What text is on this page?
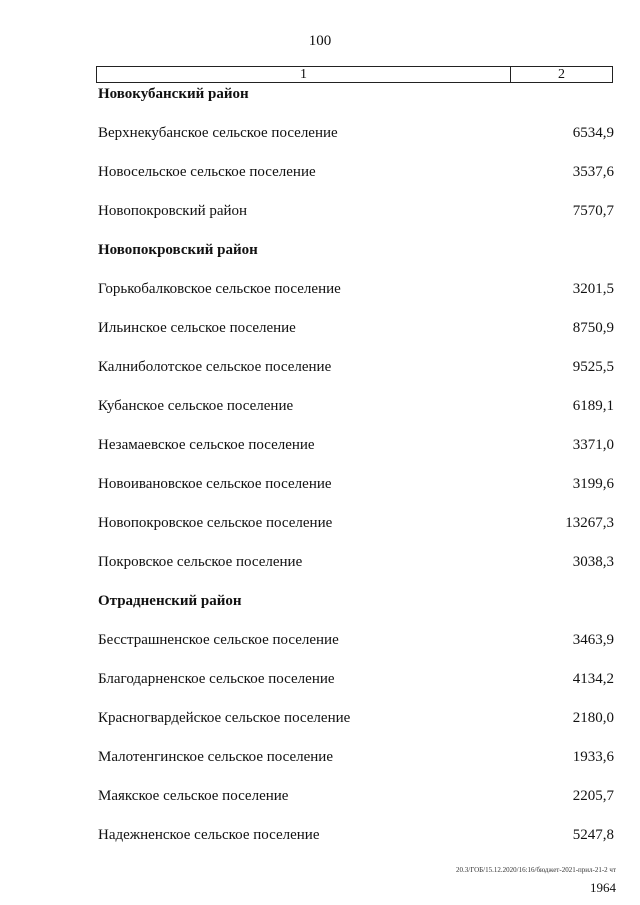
100
1	2
Новокубанский район
Верхнекубанское сельское поселение	6534,9
Новосельское сельское поселение	3537,6
Новопокровский район	7570,7
Новопокровский район
Горькобалковское сельское поселение	3201,5
Ильинское сельское поселение	8750,9
Калниболотское сельское поселение	9525,5
Кубанское сельское поселение	6189,1
Незамаевское сельское поселение	3371,0
Новоивановское сельское поселение	3199,6
Новопокровское сельское поселение	13267,3
Покровское сельское поселение	3038,3
Отрадненский район
Бесстрашненское сельское поселение	3463,9
Благодарненское сельское поселение	4134,2
Красногвардейское сельское поселение	2180,0
Малотенгинское сельское поселение	1933,6
Маякское сельское поселение	2205,7
Надежненское сельское поселение	5247,8
20.3/ГОБ/15.12.2020/16:16/бюджет-2021-прил-21-2 чт
1964
